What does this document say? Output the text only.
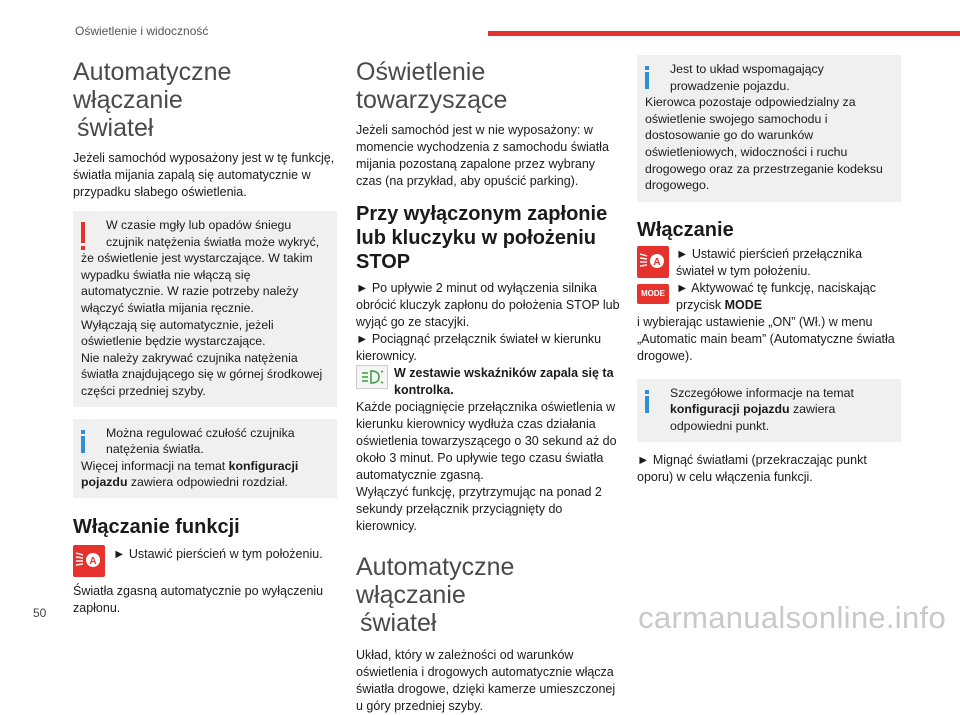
Oświetlenie i widoczność
Automatyczne włączanie
świateł

Jeżeli samochód wyposażony jest w tę funkcję, światła mijania zapalą się automatycznie w przypadku słabego oświetlenia.

W czasie mgły lub opadów śniegu czujnik natężenia światła może wykryć,

że oświetlenie jest wystarczające. W takim wypadku światła nie włączą się automatycznie. W razie potrzeby należy włączyć światła mijania ręcznie.

Wyłączają się automatycznie, jeżeli oświetlenie będzie wystarczające.

Nie należy zakrywać czujnika natężenia światła znajdującego się w górnej środkowej części przedniej szyby.

Można regulować czułość czujnika natężenia światła.

Więcej informacji na temat konfiguracji pojazdu zawiera odpowiedni rozdział.

Włączanie funkcji
A

► Ustawić pierścień w tym położeniu.

Światła zgasną automatycznie po wyłączeniu zapłonu.

Oświetlenie towarzyszące

Jeżeli samochód jest w nie wyposażony: w momencie wychodzenia z samochodu światła mijania pozostaną zapalone przez wybrany czas (na przykład, aby opuścić parking).

Przy wyłączonym zapłonie
lub kluczyku w położeniu
STOP

► Po upływie 2 minut od wyłączenia silnika obrócić kluczyk zapłonu do położenia STOP lub wyjąć go ze stacyjki.

► Pociągnąć przełącznik świateł w kierunku kierownicy.

W zestawie wskaźników zapala się ta kontrolka.

Każde pociągnięcie przełącznika oświetlenia w kierunku kierownicy wydłuża czas działania oświetlenia towarzyszącego o 30 sekund aż do około 3 minut. Po upływie tego czasu światła automatycznie zgasną.

Wyłączyć funkcję, przytrzymując na ponad 2 sekundy przełącznik przyciągnięty do kierownicy.

Automatyczne włączanie
świateł

Układ, który w zależności od warunków oświetlenia i drogowych automatycznie włącza światła drogowe, dzięki kamerze umieszczonej u góry przedniej szyby.

Jest to układ wspomagający prowadzenie pojazdu.

Kierowca pozostaje odpowiedzialny za oświetlenie swojego samochodu i dostosowanie go do warunków oświetleniowych, widoczności i ruchu drogowego oraz za przestrzeganie kodeksu drogowego.

Włączanie
A
MODE

► Ustawić pierścień przełącznika świateł w tym położeniu.

► Aktywować tę funkcję, naciskając przycisk MODE

i wybierając ustawienie „ON” (Wł.) w menu „Automatic main beam” (Automatyczne światła drogowe).

Szczegółowe informacje na temat konfiguracji pojazdu zawiera odpowiedni punkt.

► Mignąć światłami (przekraczając punkt oporu) w celu włączenia funkcji.

50	carmanualsonline.info
